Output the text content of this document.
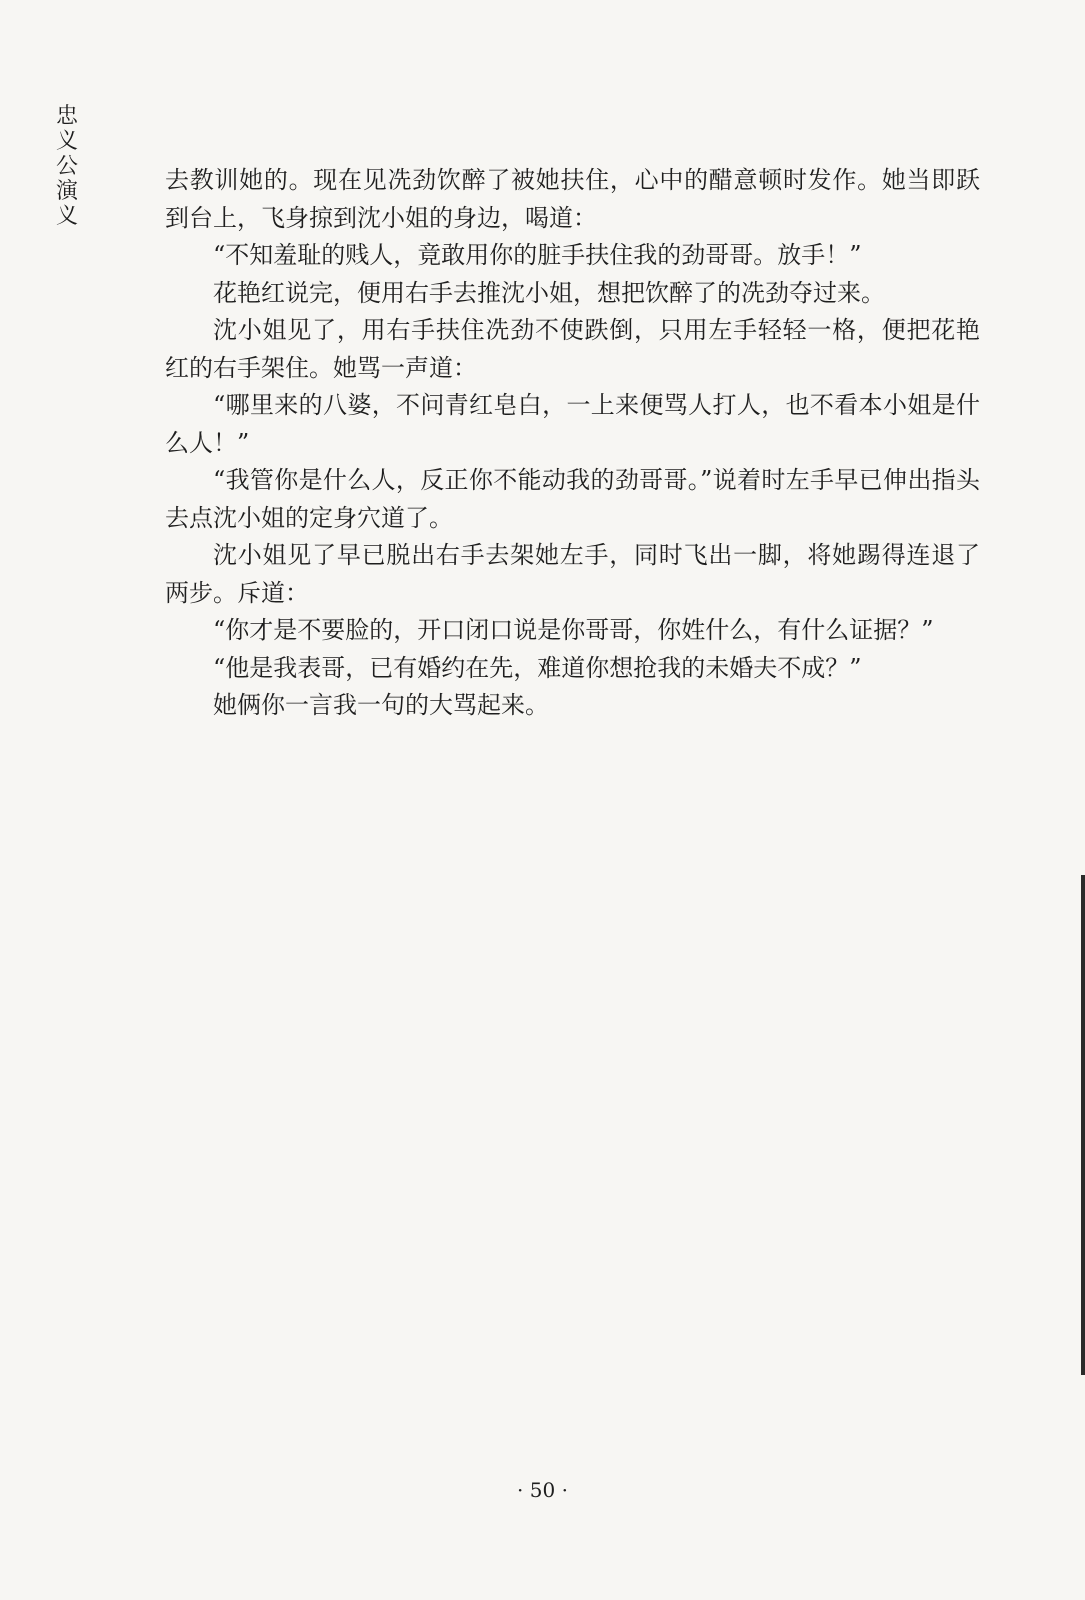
忠义公演义

去教训她的。现在见冼劲饮醉了被她扶住，心中的醋意顿时发作。她当即跃到台上，飞身掠到沈小姐的身边，喝道：

“不知羞耻的贱人，竟敢用你的脏手扶住我的劲哥哥。放手！”

花艳红说完，便用右手去推沈小姐，想把饮醉了的冼劲夺过来。

沈小姐见了，用右手扶住冼劲不使跌倒，只用左手轻轻一格，便把花艳红的右手架住。她骂一声道：

“哪里来的八婆，不问青红皂白，一上来便骂人打人，也不看本小姐是什么人！”

“我管你是什么人，反正你不能动我的劲哥哥。”说着时左手早已伸出指头去点沈小姐的定身穴道了。

沈小姐见了早已脱出右手去架她左手，同时飞出一脚，将她踢得连退了两步。斥道：

“你才是不要脸的，开口闭口说是你哥哥，你姓什么，有什么证据？”

“他是我表哥，已有婚约在先，难道你想抢我的未婚夫不成？”

她俩你一言我一句的大骂起来。

· 50 ·
